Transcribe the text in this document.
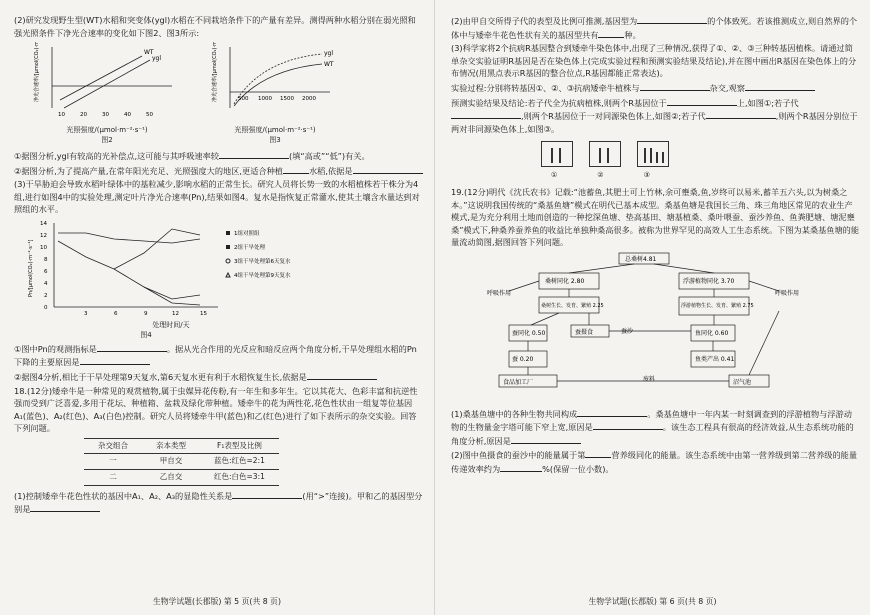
(2)研究发现野生型(WT)水稻和突变体(ygl)水稻在不同栽培条件下的产量有差异。测得两种水稻分别在弱光照和强光照条件下净光合速率的变化如下图2、图3所示:

WT
ygl
10	20	30	40	50
净光合速率/[μmol(CO₂)·m⁻²·s⁻¹]
光照强度/(μmol·m⁻²·s⁻¹)
图2
ygl
WT
500 1000 1500 2000
净光合速率/[μmol(CO₂)·m⁻²·s⁻¹]
光照强度/(μmol·m⁻²·s⁻¹)
图3

①据图分析,ygl有较高的光补偿点,这可能与其呼吸速率较	(填“高或”“低”)有关。

②据图分析,为了提高产量,在常年阳光充足、光照强度大的地区,更适合种植	水稻,依据是

(3)干旱胁迫会导致水稻叶绿体中的基粒减少,影响水稻的正常生长。研究人员将长势一致的水稻植株若干株分为4组,进行如图4中的实验处理,测定叶片净光合速率(Pn),结果如图4。复水是指恢复正常灌水,使其土壤含水量达到对照组的水平。

0
2
4
6
8
10
12
14
3	6	9	12	15
1组对照组
2组干旱处理
3组干旱处理第6天复水
4组干旱处理第9天复水
Pn/[μmol(CO₂)·m⁻²·s⁻¹]
处理时间/天
图4

①图中Pn的观测指标是	。据从光合作用的光反应和暗反应两个角度分析,干旱处理组水稻的Pn下降的主要原因是

②据图4分析,相比于干旱处理第9天复水,第6天复水更有利于水稻恢复生长,依据是

18.(12分)矮牵牛是一种常见的观赏植物,属于虫媒异花传粉,有一年生和多年生。它以其花大、色彩丰富和抗逆性强而受到广泛喜爱,多用于花坛、种植箱、盆栽及绿化带种植。矮牵牛的花为两性花,花色性状由一组复等位基因A₁(蓝色)、A₂(红色)、A₃(白色)控制。研究人员将矮牵牛甲(蓝色)和乙(红色)进行了如下表所示的杂交实验。回答下列问题。

杂交组合	亲本类型	F₁表型及比例
一	甲自交	蓝色:红色=2:1
二	乙自交	红色:白色=3:1

(1)控制矮牵牛花色性状的基因中A₁、A₂、A₃的显隐性关系是	(用“>”连接)。甲和乙的基因型分别是

生物学试题(长郡版) 第 5 页(共 8 页)

(2)由甲自交所得子代的表型及比例可推测,基因型为	的个体致死。若该推测成立,则自然界的个体中与矮牵牛花色性状有关的基因型共有	种。

(3)科学家将2个抗病R基因整合到矮牵牛染色体中,出现了三种情况,获得了①、②、③三种转基因植株。请通过简单杂交实验证明R基因是否在染色体上(完成实验过程和预测实验结果及结论),并在图中画出R基因在染色体上的分布情况(用黑点表示R基因的整合位点,R基因都能正常表达)。

实验过程:分别将转基因①、②、③抗病矮牵牛植株与	杂交,观察

预测实验结果及结论:若子代全为抗病植株,则两个R基因位于	上,如图①;若子代,则两个R基因位于一对同源染色体上,如图②;若子代	,则两个R基因分别位于两对非同源染色体上,如图③。

①	②	③

19.(12分)明代《沈氏农书》记载:“池蓄鱼,其肥土可上竹林,余可壅桑,鱼,岁终可以易米,蓄羊五六头,以为树桑之本。”这说明我国传统的“桑基鱼塘”模式在明代已基本成型。桑基鱼塘是我国长三角、珠三角地区常见的农业生产模式,是为充分利用土地而创造的一种挖深鱼塘、垫高基田、塘基植桑、桑叶喂蚕、蚕沙养鱼、鱼粪肥塘、塘泥壅桑”模式下,种桑养蚕养鱼的收益比单独种桑高很多。被称为世界罕见的高效人工生态系统。下图为某桑基鱼塘的能量流动简图,据图回答下列问题。

总桑树4.81
桑树同化 2.80
桑树生长、发育、繁殖 2.25
呼吸作用
浮游植物同化 3.70
浮游植物生长、发育、繁殖 2.75
呼吸作用
蚕同化 0.50	蚕摄食	蚕沙	鱼同化 0.60
蚕 0.20	鱼类产出 0.41
食品加工厂	废料	沼气池

(1)桑基鱼塘中的各种生物共同构成	。桑基鱼塘中一年内某一时刻调查到的浮游植物与浮游动物的生物量金字塔可能下窄上宽,原因是	。该生态工程具有很高的经济效益,从生态系统功能的角度分析,原因是

(2)图中鱼摄食的蚕沙中的能量属于第	营养级同化的能量。该生态系统中由第一营养级到第二营养级的能量传递效率约为	%(保留一位小数)。

生物学试题(长郡版) 第 6 页(共 8 页)
